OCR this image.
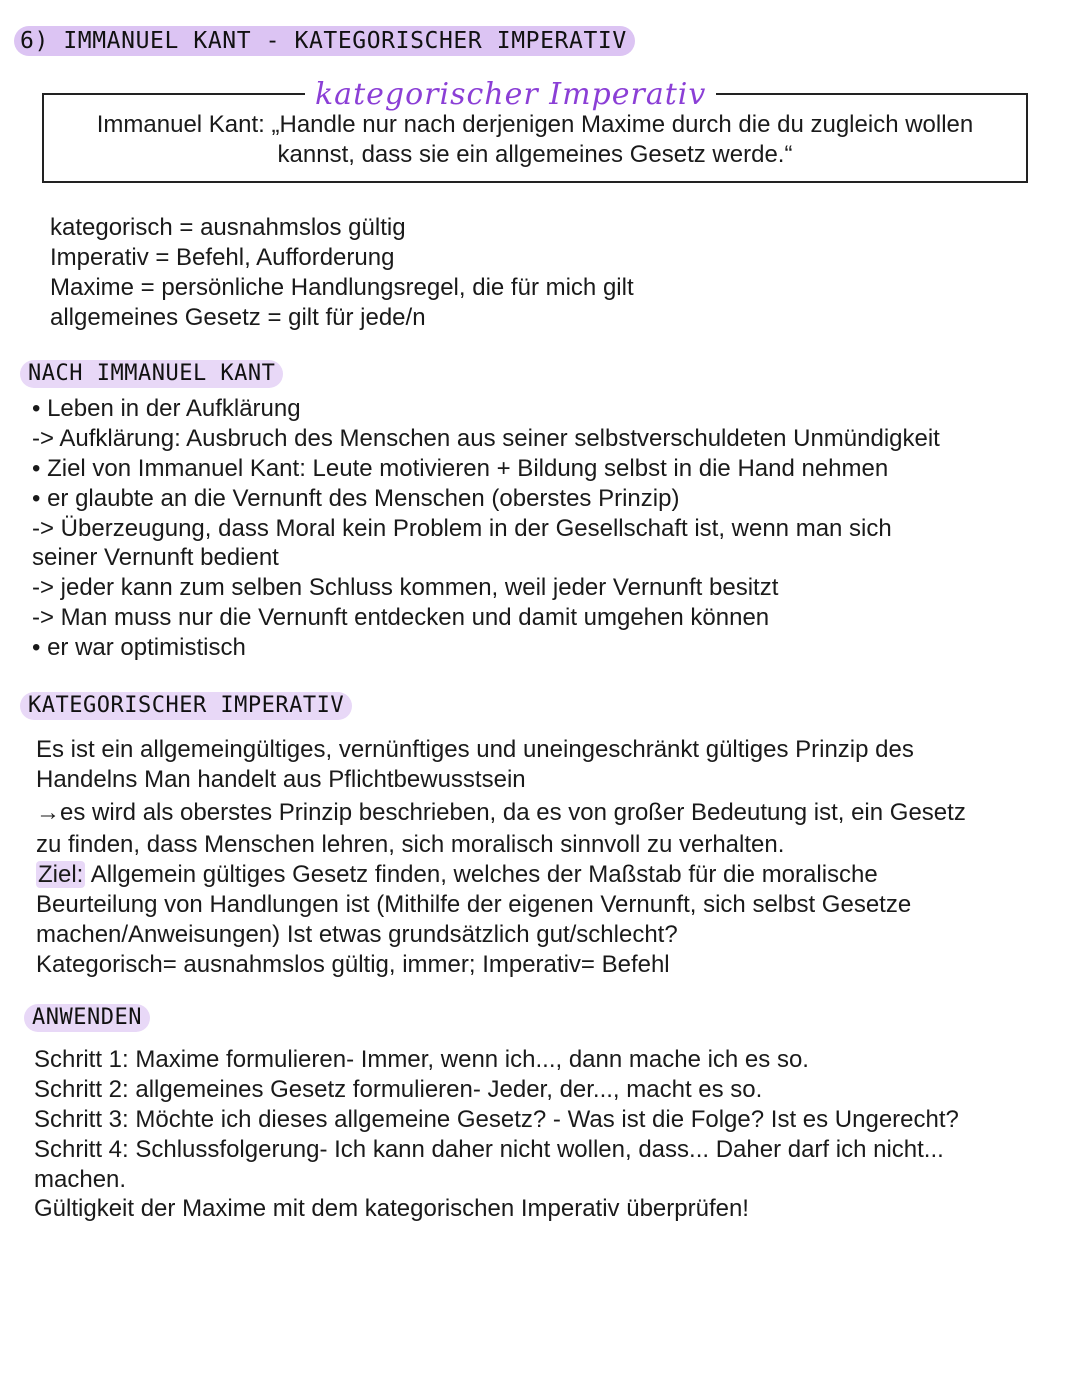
6) IMMANUEL KANT - KATEGORISCHER IMPERATIV
kategorischer Imperativ
Immanuel Kant: „Handle nur nach derjenigen Maxime durch die du zugleich wollen
kannst, dass sie ein allgemeines Gesetz werde.“
kategorisch = ausnahmslos gültig
Imperativ = Befehl, Aufforderung
Maxime = persönliche Handlungsregel, die für mich gilt
allgemeines Gesetz = gilt für jede/n
NACH IMMANUEL KANT
• Leben in der Aufklärung
-> Aufklärung: Ausbruch des Menschen aus seiner selbstverschuldeten Unmündigkeit
• Ziel von Immanuel Kant: Leute motivieren + Bildung selbst in die Hand nehmen
• er glaubte an die Vernunft des Menschen (oberstes Prinzip)
-> Überzeugung, dass Moral kein Problem in der Gesellschaft ist, wenn man sich
seiner Vernunft bedient
-> jeder kann zum selben Schluss kommen, weil jeder Vernunft besitzt
-> Man muss nur die Vernunft entdecken und damit umgehen können
• er war optimistisch
KATEGORISCHER IMPERATIV
Es ist ein allgemeingültiges, vernünftiges und uneingeschränkt gültiges Prinzip des
Handelns Man handelt aus Pflichtbewusstsein
→es wird als oberstes Prinzip beschrieben, da es von großer Bedeutung ist, ein Gesetz
zu finden, dass Menschen lehren, sich moralisch sinnvoll zu verhalten.
Ziel: Allgemein gültiges Gesetz finden, welches der Maßstab für die moralische
Beurteilung von Handlungen ist (Mithilfe der eigenen Vernunft, sich selbst Gesetze
machen/Anweisungen) Ist etwas grundsätzlich gut/schlecht?
Kategorisch= ausnahmslos gültig, immer; Imperativ= Befehl
ANWENDEN
Schritt 1: Maxime formulieren- Immer, wenn ich..., dann mache ich es so.
Schritt 2: allgemeines Gesetz formulieren- Jeder, der..., macht es so.
Schritt 3: Möchte ich dieses allgemeine Gesetz? - Was ist die Folge? Ist es Ungerecht?
Schritt 4: Schlussfolgerung- Ich kann daher nicht wollen, dass... Daher darf ich nicht...
machen.
Gültigkeit der Maxime mit dem kategorischen Imperativ überprüfen!
